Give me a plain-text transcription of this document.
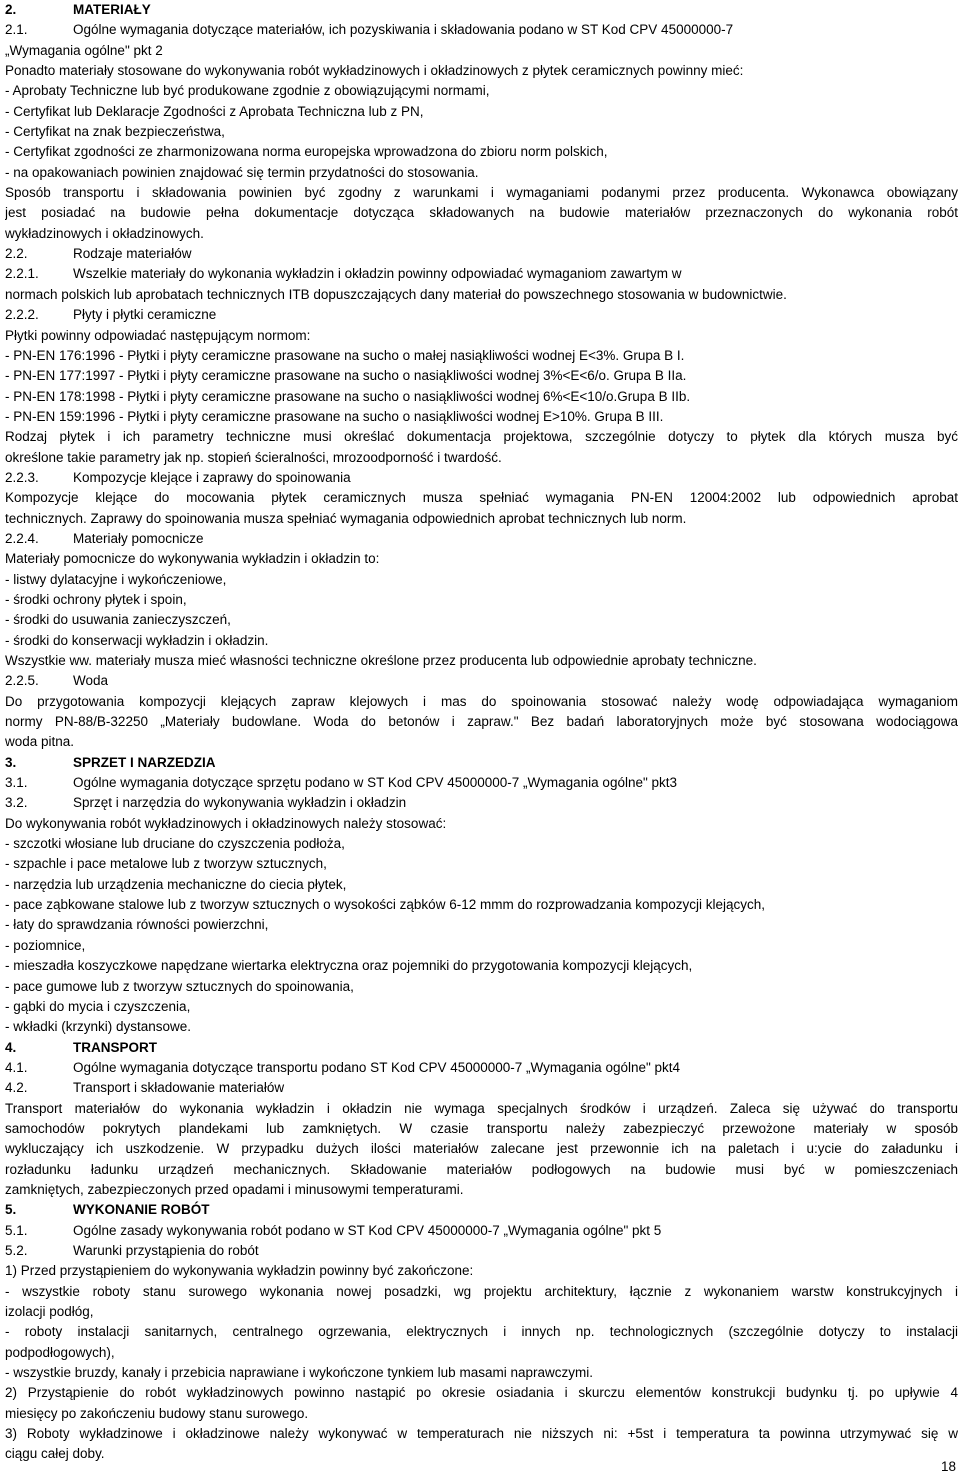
2.	MATERIAŁY
2.1.	Ogólne wymagania dotyczące materiałów, ich pozyskiwania i składowania podano w ST Kod CPV 45000000-7
„Wymagania ogólne" pkt 2
Ponadto materiały stosowane do wykonywania robót wykładzinowych i okładzinowych z płytek ceramicznych powinny mieć:
- Aprobaty Techniczne lub być produkowane zgodnie z obowiązującymi normami,
- Certyfikat lub Deklaracje Zgodności z Aprobata Techniczna lub z PN,
- Certyfikat na znak bezpieczeństwa,
- Certyfikat zgodności ze zharmonizowana norma europejska wprowadzona do zbioru norm polskich,
- na opakowaniach powinien znajdować się termin przydatności do stosowania.
Sposób transportu i składowania powinien być zgodny z warunkami i wymaganiami podanymi przez producenta. Wykonawca obowiązany
jest posiadać na budowie pełna dokumentacje dotycząca składowanych na budowie materiałów przeznaczonych do wykonania robót
wykładzinowych i okładzinowych.
2.2.	Rodzaje materiałów
2.2.1.	Wszelkie materiały do wykonania wykładzin i okładzin powinny odpowiadać wymaganiom zawartym w
normach polskich lub aprobatach technicznych ITB dopuszczających dany materiał do powszechnego stosowania w budownictwie.
2.2.2.	Płyty i płytki ceramiczne
Płytki powinny odpowiadać następującym normom:
- PN-EN 176:1996 - Płytki i płyty ceramiczne prasowane na sucho o małej nasiąkliwości wodnej E<3%. Grupa B I.
- PN-EN 177:1997 - Płytki i płyty ceramiczne prasowane na sucho o nasiąkliwości wodnej 3%<E<6/o. Grupa B IIa.
- PN-EN 178:1998 - Płytki i płyty ceramiczne prasowane na sucho o nasiąkliwości wodnej 6%<E<10/o.Grupa B IIb.
- PN-EN 159:1996 - Płytki i płyty ceramiczne prasowane na sucho o nasiąkliwości wodnej E>10%. Grupa B III.
Rodzaj płytek i ich parametry techniczne musi określać dokumentacja projektowa, szczególnie dotyczy to płytek dla których musza być
określone takie parametry jak np. stopień ścieralności, mrozoodporność i twardość.
2.2.3.	Kompozycje klejące i zaprawy do spoinowania
Kompozycje klejące do mocowania płytek ceramicznych musza spełniać wymagania PN-EN 12004:2002 lub odpowiednich aprobat
technicznych. Zaprawy do spoinowania musza spełniać wymagania odpowiednich aprobat technicznych lub norm.
2.2.4.	Materiały pomocnicze
Materiały pomocnicze do wykonywania wykładzin i okładzin to:
- listwy dylatacyjne i wykończeniowe,
- środki ochrony płytek i spoin,
- środki do usuwania zanieczyszczeń,
- środki do konserwacji wykładzin i okładzin.
Wszystkie ww. materiały musza mieć własności techniczne określone przez producenta lub odpowiednie aprobaty techniczne.
2.2.5.	Woda
Do przygotowania kompozycji klejących zapraw klejowych i mas do spoinowania stosować należy wodę odpowiadająca wymaganiom
normy PN-88/B-32250 „Materiały budowlane. Woda do betonów i zapraw." Bez badań laboratoryjnych może być stosowana wodociągowa
woda pitna.
3.	SPRZET I NARZEDZIA
3.1.	Ogólne wymagania dotyczące sprzętu podano w ST Kod CPV 45000000-7 „Wymagania ogólne" pkt3
3.2.	Sprzęt i narzędzia do wykonywania wykładzin i okładzin
Do wykonywania robót wykładzinowych i okładzinowych należy stosować:
- szczotki włosiane lub druciane do czyszczenia podłoża,
- szpachle i pace metalowe lub z tworzyw sztucznych,
- narzędzia lub urządzenia mechaniczne do ciecia płytek,
- pace ząbkowane stalowe lub z tworzyw sztucznych o wysokości ząbków 6-12 mmm do rozprowadzania kompozycji klejących,
- łaty do sprawdzania równości powierzchni,
- poziomnice,
- mieszadła koszyczkowe napędzane wiertarka elektryczna oraz pojemniki do przygotowania kompozycji klejących,
- pace gumowe lub z tworzyw sztucznych do spoinowania,
- gąbki do mycia i czyszczenia,
- wkładki (krzynki) dystansowe.
4.	TRANSPORT
4.1.	Ogólne wymagania dotyczące transportu podano ST Kod CPV 45000000-7 „Wymagania ogólne" pkt4
4.2.	Transport i składowanie materiałów
Transport materiałów do wykonania wykładzin i okładzin nie wymaga specjalnych środków i urządzeń. Zaleca się używać do transportu
samochodów pokrytych plandekami lub zamkniętych. W czasie transportu należy zabezpieczyć przewożone materiały w sposób
wykluczający ich uszkodzenie. W przypadku dużych ilości materiałów zalecane jest przewonnie ich na paletach i u:ycie do załadunku i
rozładunku ładunku urządzeń mechanicznych. Składowanie materiałów podłogowych na budowie musi być w pomieszczeniach
zamkniętych, zabezpieczonych przed opadami i minusowymi temperaturami.
5.	WYKONANIE ROBÓT
5.1.	Ogólne zasady wykonywania robót podano w ST Kod CPV 45000000-7 „Wymagania ogólne" pkt 5
5.2.	Warunki przystąpienia do robót
1) Przed przystąpieniem do wykonywania wykładzin powinny być zakończone:
- wszystkie roboty stanu surowego wykonania nowej posadzki, wg projektu architektury, łącznie z wykonaniem warstw konstrukcyjnych i
izolacji podłóg,
- roboty instalacji sanitarnych, centralnego ogrzewania, elektrycznych i innych np. technologicznych (szczególnie dotyczy to instalacji
podpodłogowych),
- wszystkie bruzdy, kanały i przebicia naprawiane i wykończone tynkiem lub masami naprawczymi.
2) Przystąpienie do robót wykładzinowych powinno nastąpić po okresie osiadania i skurczu elementów konstrukcji budynku tj. po upływie 4
miesięcy po zakończeniu budowy stanu surowego.
3) Roboty wykładzinowe i okładzinowe należy wykonywać w temperaturach nie niższych ni: +5st i temperatura ta powinna utrzymywać się w
ciągu całej doby.
18
